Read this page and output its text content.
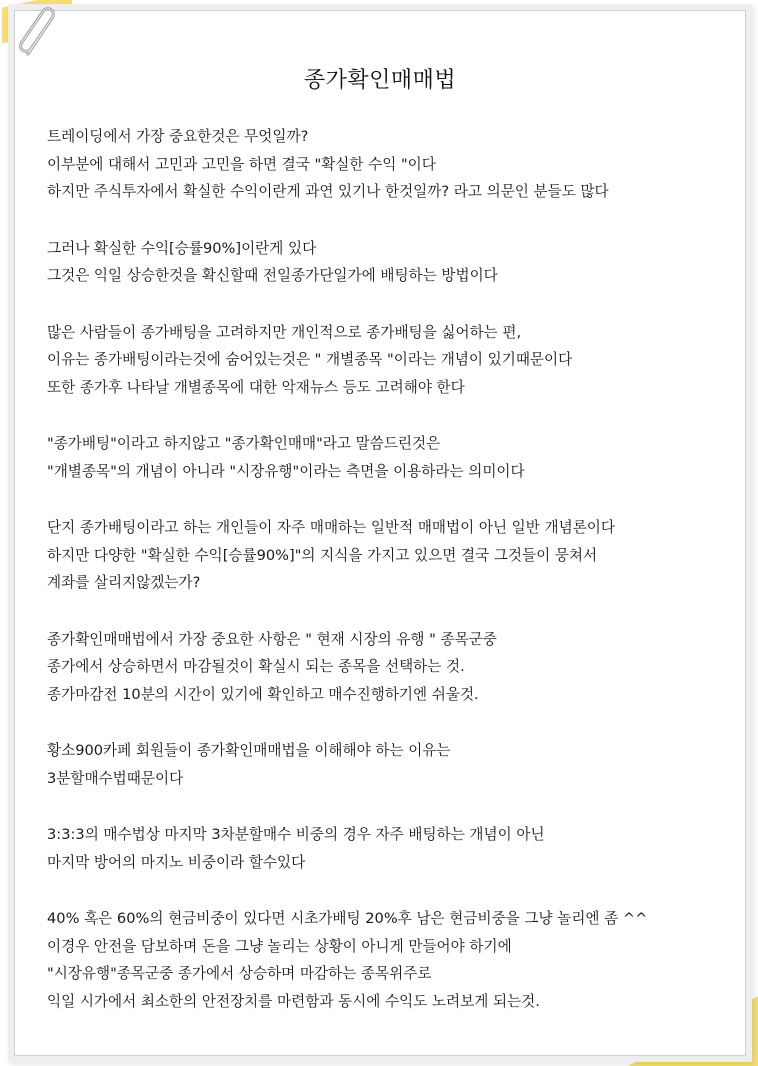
종가확인매매법

트레이딩에서 가장 중요한것은 무엇일까?
이부분에 대해서 고민과 고민을 하면 결국 "확실한 수익 "이다
하지만 주식투자에서 확실한 수익이란게 과연 있기나 한것일까? 라고 의문인 분들도 많다

그러나 확실한 수익[승률90%]이란게 있다
그것은 익일 상승한것을 확신할때 전일종가단일가에 배팅하는 방법이다

많은 사람들이 종가배팅을 고려하지만 개인적으로 종가배팅을 싫어하는 편,
이유는 종가배팅이라는것에 숨어있는것은 " 개별종목 "이라는 개념이 있기때문이다
또한 종가후 나타날 개별종목에 대한 악재뉴스 등도 고려해야 한다

"종가배팅"이라고 하지않고 "종가확인매매"라고 말씀드린것은
"개별종목"의 개념이 아니라 "시장유행"이라는 측면을 이용하라는 의미이다

단지 종가배팅이라고 하는 개인들이 자주 매매하는 일반적 매매법이 아닌 일반 개념론이다
하지만 다양한 "확실한 수익[승률90%]"의 지식을 가지고 있으면 결국 그것들이 뭉쳐서
계좌를 살리지않겠는가?

종가확인매매법에서 가장 중요한 사항은 " 현재 시장의 유행 " 종목군중
종가에서 상승하면서 마감될것이 확실시 되는 종목을 선택하는 것.
종가마감전 10분의 시간이 있기에 확인하고 매수진행하기엔 쉬울것.

황소900카페 회원들이 종가확인매매법을 이해해야 하는 이유는
3분할매수법때문이다

3:3:3의 매수법상 마지막 3차분할매수 비중의 경우 자주 배팅하는 개념이 아닌
마지막 방어의 마지노 비중이라 할수있다

40% 혹은 60%의 현금비중이 있다면 시초가배팅 20%후 남은 현금비중을 그냥 놀리엔 좀 ^^
이경우 안전을 담보하며 돈을 그냥 놀리는 상황이 아니게 만들어야 하기에
"시장유행"종목군중 종가에서 상승하며 마감하는 종목위주로
익일 시가에서 최소한의 안전장치를 마련함과 동시에 수익도 노려보게 되는것.
